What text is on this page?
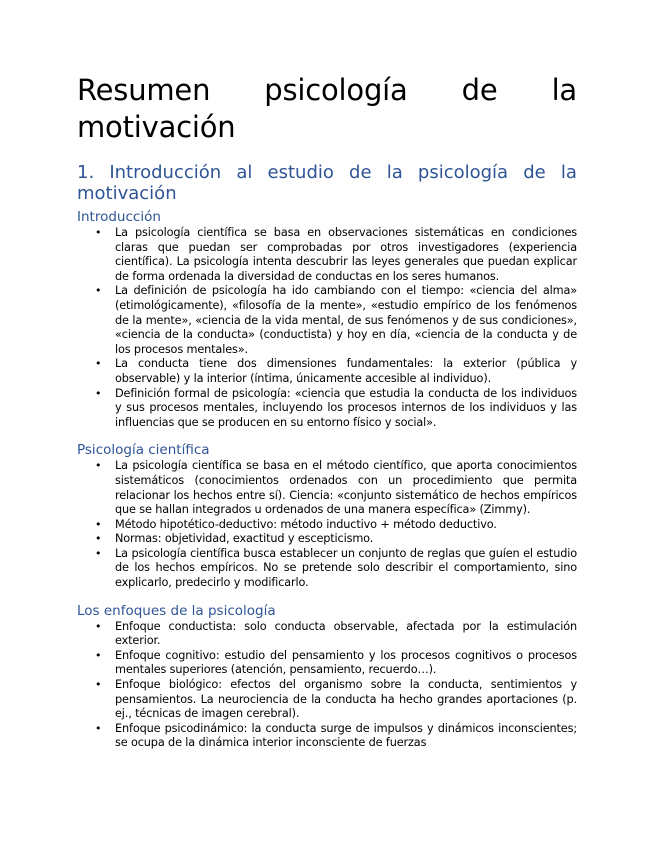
Resumen psicología de la
motivación
1. Introducción al estudio de la psicología de la
motivación
Introducción
• La psicología científica se basa en observaciones sistemáticas en condiciones claras que puedan ser comprobadas por otros investigadores (experiencia científica). La psicología intenta descubrir las leyes generales que puedan explicar de forma ordenada la diversidad de conductas en los seres humanos.
• La definición de psicología ha ido cambiando con el tiempo: «ciencia del alma» (etimológicamente), «filosofía de la mente», «estudio empírico de los fenómenos de la mente», «ciencia de la vida mental, de sus fenómenos y de sus condiciones», «ciencia de la conducta» (conductista) y hoy en día, «ciencia de la conducta y de los procesos mentales».
• La conducta tiene dos dimensiones fundamentales: la exterior (pública y observable) y la interior (íntima, únicamente accesible al individuo).
• Definición formal de psicología: «ciencia que estudia la conducta de los individuos y sus procesos mentales, incluyendo los procesos internos de los individuos y las influencias que se producen en su entorno físico y social».
Psicología científica
• La psicología científica se basa en el método científico, que aporta conocimientos sistemáticos (conocimientos ordenados con un procedimiento que permita relacionar los hechos entre sí). Ciencia: «conjunto sistemático de hechos empíricos que se hallan integrados u ordenados de una manera específica» (Zimmy).
• Método hipotético-deductivo: método inductivo + método deductivo.
• Normas: objetividad, exactitud y escepticismo.
• La psicología científica busca establecer un conjunto de reglas que guíen el estudio de los hechos empíricos. No se pretende solo describir el comportamiento, sino explicarlo, predecirlo y modificarlo.
Los enfoques de la psicología
• Enfoque conductista: solo conducta observable, afectada por la estimulación exterior.
• Enfoque cognitivo: estudio del pensamiento y los procesos cognitivos o procesos mentales superiores (atención, pensamiento, recuerdo…).
• Enfoque biológico: efectos del organismo sobre la conducta, sentimientos y pensamientos. La neurociencia de la conducta ha hecho grandes aportaciones (p. ej., técnicas de imagen cerebral).
• Enfoque psicodinámico: la conducta surge de impulsos y dinámicos inconscientes; se ocupa de la dinámica interior inconsciente de fuerzas
